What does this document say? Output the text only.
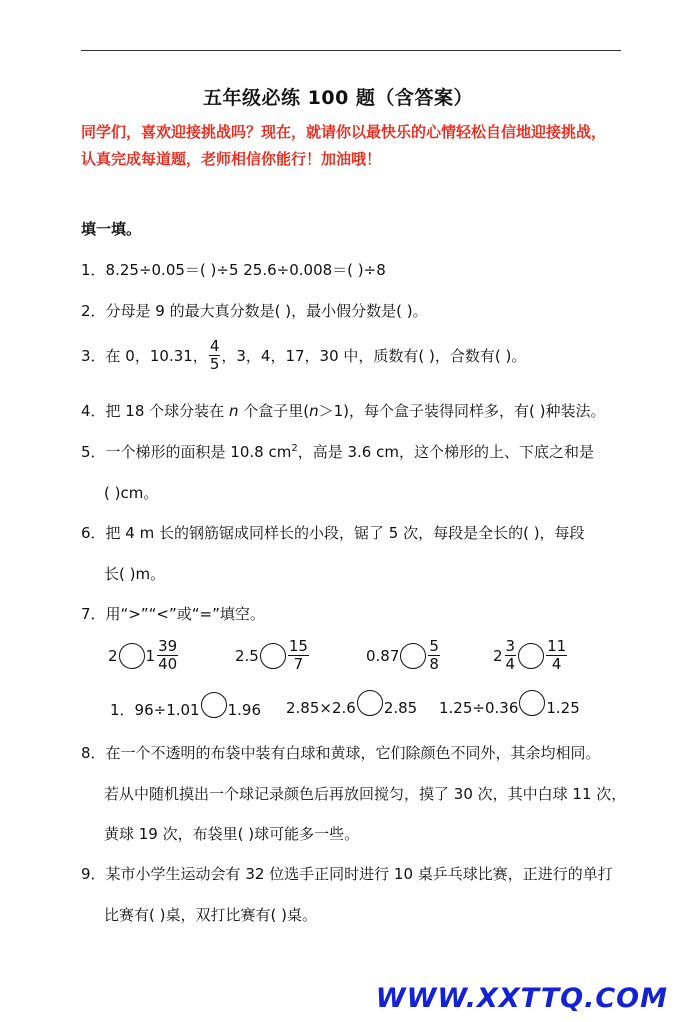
五年级必练 100 题（含答案）
同学们，喜欢迎接挑战吗？现在，就请你以最快乐的心情轻松自信地迎接挑战，
认真完成每道题，老师相信你能行！加油哦！
填一填。
1．8.25÷0.05＝( )÷5 25.6÷0.008＝( )÷8
2．分母是 9 的最大真分数是( )，最小假分数是( )。
3．在 0，10.31， $\frac{4}{5}$ ，3，4，17，30 中，质数有( )，合数有( )。
4．把 18 个球分装在 n 个盒子里(n＞1)，每个盒子装得同样多，有( )种装法。
5．一个梯形的面积是 10.8 $cm^2$，高是 3.6 cm，这个梯形的上、下底之和是
( )cm。
6．把 4 m 长的钢筋锯成同样长的小段，锯了 5 次，每段是全长的( )，每段
长( )m。
7．用“>”“<”或“=”填空。
2 $1 \frac{39}{40}$	$2.5 \frac{15}{7}$	$0.87 \frac{5}{8}$	$2 \frac{3}{4} \frac{11}{4}$
1．96÷1.01 1.96 2.85×2.6 2.85 1.25÷0.36 1.25
8．在一个不透明的布袋中装有白球和黄球，它们除颜色不同外，其余均相同。
若从中随机摸出一个球记录颜色后再放回搅匀，摸了 30 次，其中白球 11 次，
黄球 19 次，布袋里( )球可能多一些。
9．某市小学生运动会有 32 位选手正同时进行 10 桌乒乓球比赛，正进行的单打
比赛有( )桌，双打比赛有( )桌。
WWW.XXTTQ.COM
